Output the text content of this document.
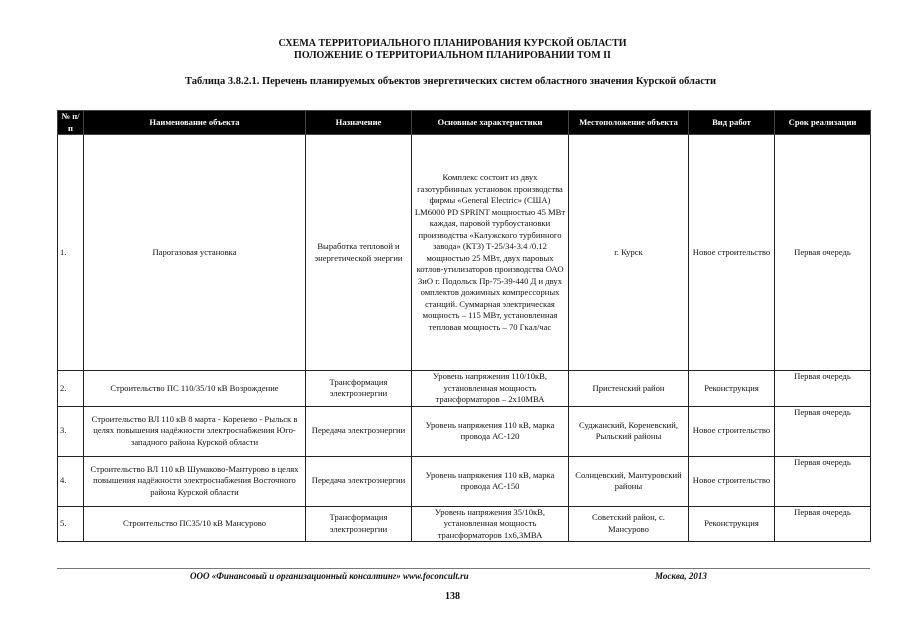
СХЕМА ТЕРРИТОРИАЛЬНОГО ПЛАНИРОВАНИЯ КУРСКОЙ ОБЛАСТИ
ПОЛОЖЕНИЕ О ТЕРРИТОРИАЛЬНОМ ПЛАНИРОВАНИИ ТОМ II
Таблица 3.8.2.1. Перечень планируемых объектов энергетических систем областного значения Курской области
№ п/п	Наименование объекта	Назначение	Основные характеристики	Местоположение объекта	Вид работ	Срок реализации
1.	Парогазовая установка	Выработка тепловой и энергетической энергии	Комплекс состоит из двух газотурбинных установок производства фирмы «General Electric» (США) LM6000 PD SPRINT мощностью 45 МВт каждая, паровой турбоустановки производства «Калужского турбинного завода» (КТЗ) Т-25/34-3.4 /0.12 мощностью 25 МВт, двух паровых котлов-утилизаторов производства ОАО ЗиО г. Подольск Пр-75-39-440 Д и двух омплектов дожимных компрессорных станций. Суммарная электрическая мощность – 115 МВт, установленная тепловая мощность – 70 Гкал/час	г. Курск	Новое строительство	Первая очередь
2.	Строительство ПС 110/35/10 кВ Возрождение	Трансформация электроэнергии	Уровень напряжения 110/10кВ, установленная мощность трансформаторов – 2х10МВА	Пристенский район	Реконструкция	Первая очередь
3.	Строительство ВЛ 110 кВ 8 марта - Коренево - Рыльск в целях повышения надёжности электроснабжения Юго-западного района Курской области	Передача электроэнергии	Уровень напряжения 110 кВ, марка провода АС-120	Суджанский, Кореневский, Рыльский районы	Новое строительство	Первая очередь
4.	Строительство ВЛ 110 кВ Шумаково-Мантурово в целях повышения надёжности электроснабжения Восточного района Курской области	Передача электроэнергии	Уровень напряжения 110 кВ, марка провода АС-150	Солнцевский, Мантуровский районы	Новое строительство	Первая очередь
5.	Строительство ПС35/10 кВ Мансурово	Трансформация электроэнергии	Уровень напряжения 35/10кВ, установленная мощность трансформаторов 1х6,3МВА	Советский район, с. Мансурово	Реконструкция	Первая очередь
ООО «Финансовый и организационный консалтинг» www.foconcult.ru	Москва, 2013
138
